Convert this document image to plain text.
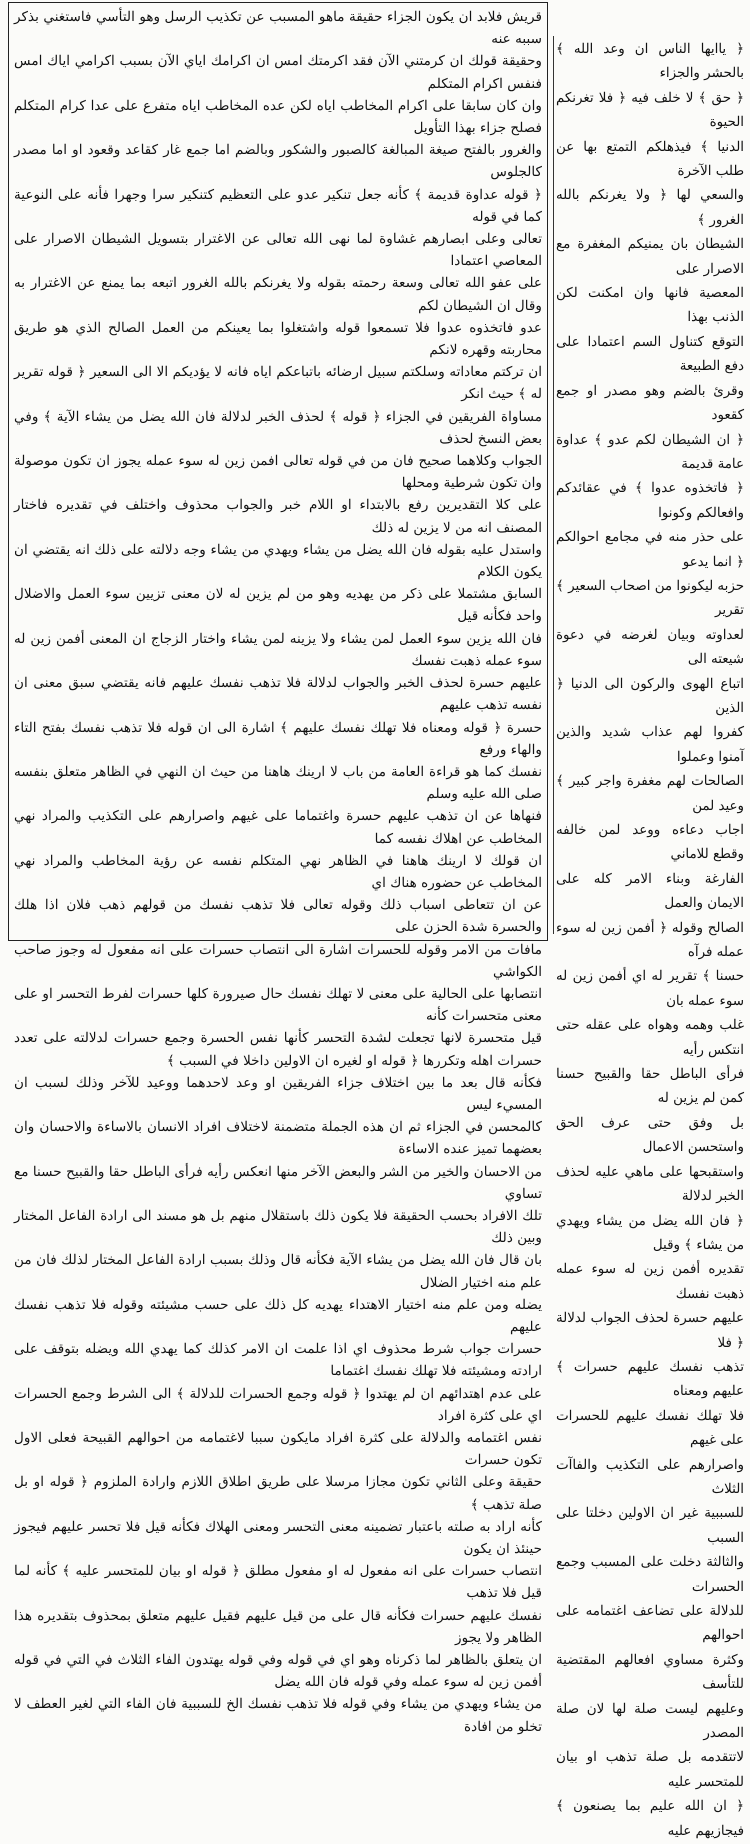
قريش فلابد ان يكون الجزاء حقيقة ماهو المسبب عن تكذيب الرسل وهو التأسي فاستغني بذكر سببه عنه
وحقيقة قولك ان كرمتني الآن فقد اكرمتك امس ان اكرامك اياي الآن بسبب اكرامي اياك امس فنفس اكرام المتكلم
وان كان سابقا على اكرام المخاطب اياه لكن عده المخاطب اياه متفرع على عدا كرام المتكلم فصلح جزاء بهذا التأويل
والغرور بالفتح صيغة المبالغة كالصبور والشكور وبالضم اما جمع غار كقاعد وقعود او اما مصدر كالجلوس
﴿ قوله عداوة قديمة ﴾ كأنه جعل تنكير عدو على التعظيم كتنكير سرا وجهرا فأنه على النوعية كما في قوله
تعالى وعلى ابصارهم غشاوة لما نهى الله تعالى عن الاغترار بتسويل الشيطان الاصرار على المعاصي اعتمادا
على عفو الله تعالى وسعة رحمته بقوله ولا يغرنكم بالله الغرور اتبعه بما يمنع عن الاغترار به وقال ان الشيطان لكم
عدو فاتخذوه عدوا فلا تسمعوا قوله واشتغلوا بما يعينكم من العمل الصالح الذي هو طريق محاربته وقهره لانكم
ان تركتم معاداته وسلكتم سبيل ارضائه باتباعكم اياه فانه لا يؤديكم الا الى السعير ﴿ قوله تقرير له ﴾ حيث انكر
مساواة الفريقين في الجزاء ﴿ قوله ﴾ لحذف الخبر لدلالة فان الله يضل من يشاء الآية ﴾ وفي بعض النسخ لحذف
الجواب وكلاهما صحيح فان من في قوله تعالى افمن زين له سوء عمله يجوز ان تكون موصولة وان تكون شرطية ومحلها
على كلا التقديرين رفع بالابتداء او اللام خبر والجواب محذوف واختلف في تقديره فاختار المصنف انه من لا يزين له ذلك
واستدل عليه بقوله فان الله يضل من يشاء ويهدي من يشاء وجه دلالته على ذلك انه يقتضي ان يكون الكلام
السابق مشتملا على ذكر من يهديه وهو من لم يزين له لان معنى تزيين سوء العمل والاضلال واحد فكأنه قيل
فان الله يزين سوء العمل لمن يشاء ولا يزينه لمن يشاء واختار الزجاج ان المعنى أفمن زين له سوء عمله ذهبت نفسك
عليهم حسرة لحذف الخبر والجواب لدلالة فلا تذهب نفسك عليهم فانه يقتضي سبق معنى ان نفسه تذهب عليهم
حسرة ﴿ قوله ومعناه فلا تهلك نفسك عليهم ﴾ اشارة الى ان قوله فلا تذهب نفسك بفتح التاء والهاء ورفع
نفسك كما هو قراءة العامة من باب لا ارينك هاهنا من حيث ان النهي في الظاهر متعلق بنفسه صلى الله عليه وسلم
فنهاها عن ان تذهب عليهم حسرة واغتماما على غيهم واصرارهم على التكذيب والمراد نهي المخاطب عن اهلاك نفسه كما
ان قولك لا ارينك هاهنا في الظاهر نهي المتكلم نفسه عن رؤية المخاطب والمراد نهي المخاطب عن حضوره هناك اي
عن ان تتعاطى اسباب ذلك وقوله تعالى فلا تذهب نفسك من قولهم ذهب فلان اذا هلك والحسرة شدة الحزن على
مافات من الامر وقوله للحسرات اشارة الى انتصاب حسرات على انه مفعول له وجوز صاحب الكواشي
انتصابها على الحالية على معنى لا تهلك نفسك حال صيرورة كلها حسرات لفرط التحسر او على معنى متحسرات كأنه
قيل متحسرة لانها تجعلت لشدة التحسر كأنها نفس الحسرة وجمع حسرات لدلالته على تعدد حسرات اهله وتكررها ﴿ قوله او لغيره ان الاولين داخلا في السبب ﴾
فكأنه قال بعد ما بين اختلاف جزاء الفريقين او وعد لاحدهما ووعيد للآخر وذلك لسبب ان المسيء ليس
كالمحسن في الجزاء ثم ان هذه الجملة متضمنة لاختلاف افراد الانسان بالاساءة والاحسان وان بعضهما تميز عنده الاساءة
من الاحسان والخير من الشر والبعض الآخر منها انعكس رأيه فرأى الباطل حقا والقبيح حسنا مع تساوي
تلك الافراد بحسب الحقيقة فلا يكون ذلك باستقلال منهم بل هو مسند الى ارادة الفاعل المختار وبين ذلك
بان قال فان الله يضل من يشاء الآية فكأنه قال وذلك بسبب ارادة الفاعل المختار لذلك فان من علم منه اختيار الضلال
يضله ومن علم منه اختيار الاهتداء يهديه كل ذلك على حسب مشيئته وقوله فلا تذهب نفسك عليهم
حسرات جواب شرط محذوف اي اذا علمت ان الامر كذلك كما يهدي الله ويضله بتوقف على ارادته ومشيئته فلا تهلك نفسك اغتماما
على عدم اهتدائهم ان لم يهتدوا ﴿ قوله وجمع الحسرات للدلالة ﴾ الى الشرط وجمع الحسرات اي على كثرة افراد
نفس اغتمامه والدلالة على كثرة افراد مايكون سببا لاغتمامه من احوالهم القبيحة فعلى الاول تكون حسرات
حقيقة وعلى الثاني تكون مجازا مرسلا على طريق اطلاق اللازم وارادة الملزوم ﴿ قوله او بل صلة تذهب ﴾
كأنه اراد به صلته باعتبار تضمينه معنى التحسر ومعنى الهلاك فكأنه قيل فلا تحسر عليهم فيجوز حينئذ ان يكون
انتصاب حسرات على انه مفعول له او مفعول مطلق ﴿ قوله او بيان للمتحسر عليه ﴾ كأنه لما قيل فلا تذهب
نفسك عليهم حسرات فكأنه قال على من قيل عليهم فقيل عليهم متعلق بمحذوف بتقديره هذا الظاهر ولا يجوز
ان يتعلق بالظاهر لما ذكرناه وهو اي في قوله وفي قوله يهتدون الفاء الثلاث في التي في قوله أفمن زين له سوء عمله وفي قوله فان الله يضل
من يشاء ويهدي من يشاء وفي قوله فلا تذهب نفسك الخ للسببية فان الفاء التي لغير العطف لا تخلو من افادة
﴿ ياايها الناس ان وعد الله ﴾ بالحشر والجزاء
﴿ حق ﴾ لا خلف فيه ﴿ فلا تغرنكم الحيوة
الدنيا ﴾ فيذهلكم التمتع بها عن طلب الآخرة
والسعي لها ﴿ ولا يغرنكم بالله الغرور ﴾
الشيطان بان يمنيكم المغفرة مع الاصرار على
المعصية فانها وان امكنت لكن الذنب بهذا
التوقع كتناول السم اعتمادا على دفع الطبيعة
وقرئ بالضم وهو مصدر او جمع كقعود
﴿ ان الشيطان لكم عدو ﴾ عداوة عامة قديمة
﴿ فاتخذوه عدوا ﴾ في عقائدكم وافعالكم وكونوا
على حذر منه في مجامع احوالكم ﴿ انما يدعو
حزبه ليكونوا من اصحاب السعير ﴾ تقرير
لعداوته وبيان لغرضه في دعوة شيعته الى
اتباع الهوى والركون الى الدنيا ﴿ الذين
كفروا لهم عذاب شديد والذين آمنوا وعملوا
الصالحات لهم مغفرة واجر كبير ﴾ وعيد لمن
اجاب دعاءه ووعد لمن خالفه وقطع للاماني
الفارغة وبناء الامر كله على الايمان والعمل
الصالح وقوله ﴿ أفمن زين له سوء عمله فرآه
حسنا ﴾ تقرير له اي أفمن زين له سوء عمله بان
غلب وهمه وهواه على عقله حتى انتكس رأيه
فرأى الباطل حقا والقبيح حسنا كمن لم يزين له
بل وفق حتى عرف الحق واستحسن الاعمال
واستقبحها على ماهي عليه لحذف الخبر لدلالة
﴿ فان الله يضل من يشاء ويهدي من يشاء ﴾ وقيل
تقديره أفمن زين له سوء عمله ذهبت نفسك
عليهم حسرة لحذف الجواب لدلالة ﴿ فلا
تذهب نفسك عليهم حسرات ﴾ عليهم ومعناه
فلا تهلك نفسك عليهم للحسرات على غيهم
واصرارهم على التكذيب والفاآت الثلاث
للسببية غير ان الاولين دخلتا على السبب
والثالثة دخلت على المسبب وجمع الحسرات
للدلالة على تضاعف اغتمامه على احوالهم
وكثرة مساوي افعالهم المقتضية للتأسف
وعليهم ليست صلة لها لان صلة المصدر
لاتتقدمه بل صلة تذهب او بيان للمتحسر عليه
﴿ ان الله عليم بما يصنعون ﴾ فيجازيهم عليه
